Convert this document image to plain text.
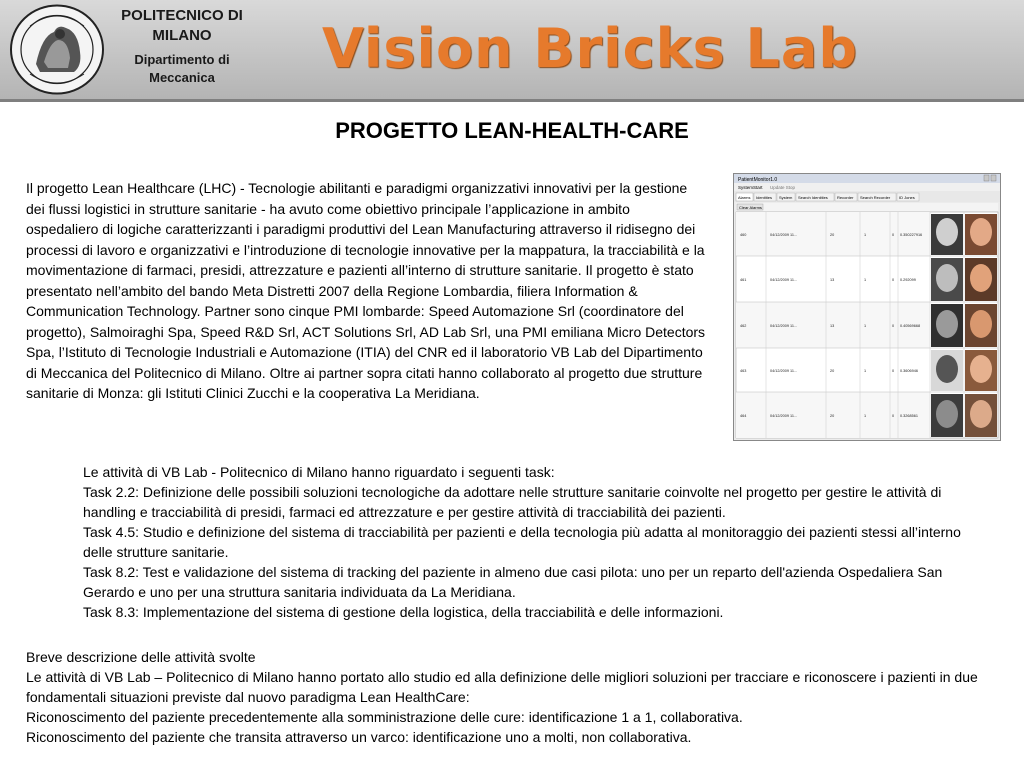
POLITECNICO DI
MILANO
Dipartimento di
Meccanica	Vision Bricks Lab
PROGETTO LEAN-HEALTH-CARE
Il progetto Lean Healthcare (LHC) - Tecnologie abilitanti e paradigmi organizzativi innovativi per la gestione dei flussi logistici in strutture sanitarie - ha avuto come obiettivo principale l’applicazione in ambito ospedaliero di logiche caratterizzanti i paradigmi produttivi del Lean Manufacturing attraverso il ridisegno dei processi di lavoro e organizzativi e l’introduzione di tecnologie innovative per la mappatura, la tracciabilità e la movimentazione di farmaci, presidi, attrezzature e pazienti all’interno di strutture sanitarie. Il progetto è stato presentato nell’ambito del bando Meta Distretti 2007 della Regione Lombardia, filiera Information & Communication Technology. Partner sono cinque PMI lombarde: Speed Automazione Srl (coordinatore del progetto), Salmoiraghi Spa, Speed R&D Srl, ACT Solutions Srl, AD Lab Srl, una PMI emiliana Micro Detectors Spa, l’Istituto di Tecnologie Industriali e Automazione (ITIA) del CNR ed il laboratorio VB Lab del Dipartimento di Meccanica del Politecnico di Milano. Oltre ai partner sopra citati hanno collaborato al progetto due strutture sanitarie di Monza: gli Istituti Clinici Zucchi e la cooperativa La Meridiana.
PatientMonitor1.0
SystemStart Update Stop
Alarms Identities System Search Identities Recorder Search Recorder ID Jones
Clear Alarms
460	04/12/2009 11...	20	1	0 0.350227916
461	04/12/2009 11...	13	1	0 0.292099
462	04/12/2009 11...	13	1	0 0.40569668
463	04/12/2009 11...	20	1	0 0.3606946
464	04/12/2009 11...	20	1	0 0.3268561

Le attività di VB Lab - Politecnico di Milano hanno riguardato i seguenti task:

Task 2.2: Definizione delle possibili soluzioni tecnologiche da adottare nelle strutture sanitarie coinvolte nel progetto per gestire le attività di handling e tracciabilità di presidi, farmaci ed attrezzature e per gestire attività di tracciabilità dei pazienti.

Task 4.5: Studio e definizione del sistema di tracciabilità per pazienti e della tecnologia più adatta al monitoraggio dei pazienti stessi all’interno delle strutture sanitarie.

Task 8.2: Test e validazione del sistema di tracking del paziente in almeno due casi pilota: uno per un reparto dell'azienda Ospedaliera San Gerardo e uno per una struttura sanitaria individuata da La Meridiana.

Task 8.3: Implementazione del sistema di gestione della logistica, della tracciabilità e delle informazioni.

Breve descrizione delle attività svolte

Le attività di VB Lab – Politecnico di Milano hanno portato allo studio ed alla definizione delle migliori soluzioni per tracciare e riconoscere i pazienti in due fondamentali situazioni previste dal nuovo paradigma Lean HealthCare:

Riconoscimento del paziente precedentemente alla somministrazione delle cure: identificazione 1 a 1, collaborativa.

Riconoscimento del paziente che transita attraverso un varco: identificazione uno a molti, non collaborativa.
